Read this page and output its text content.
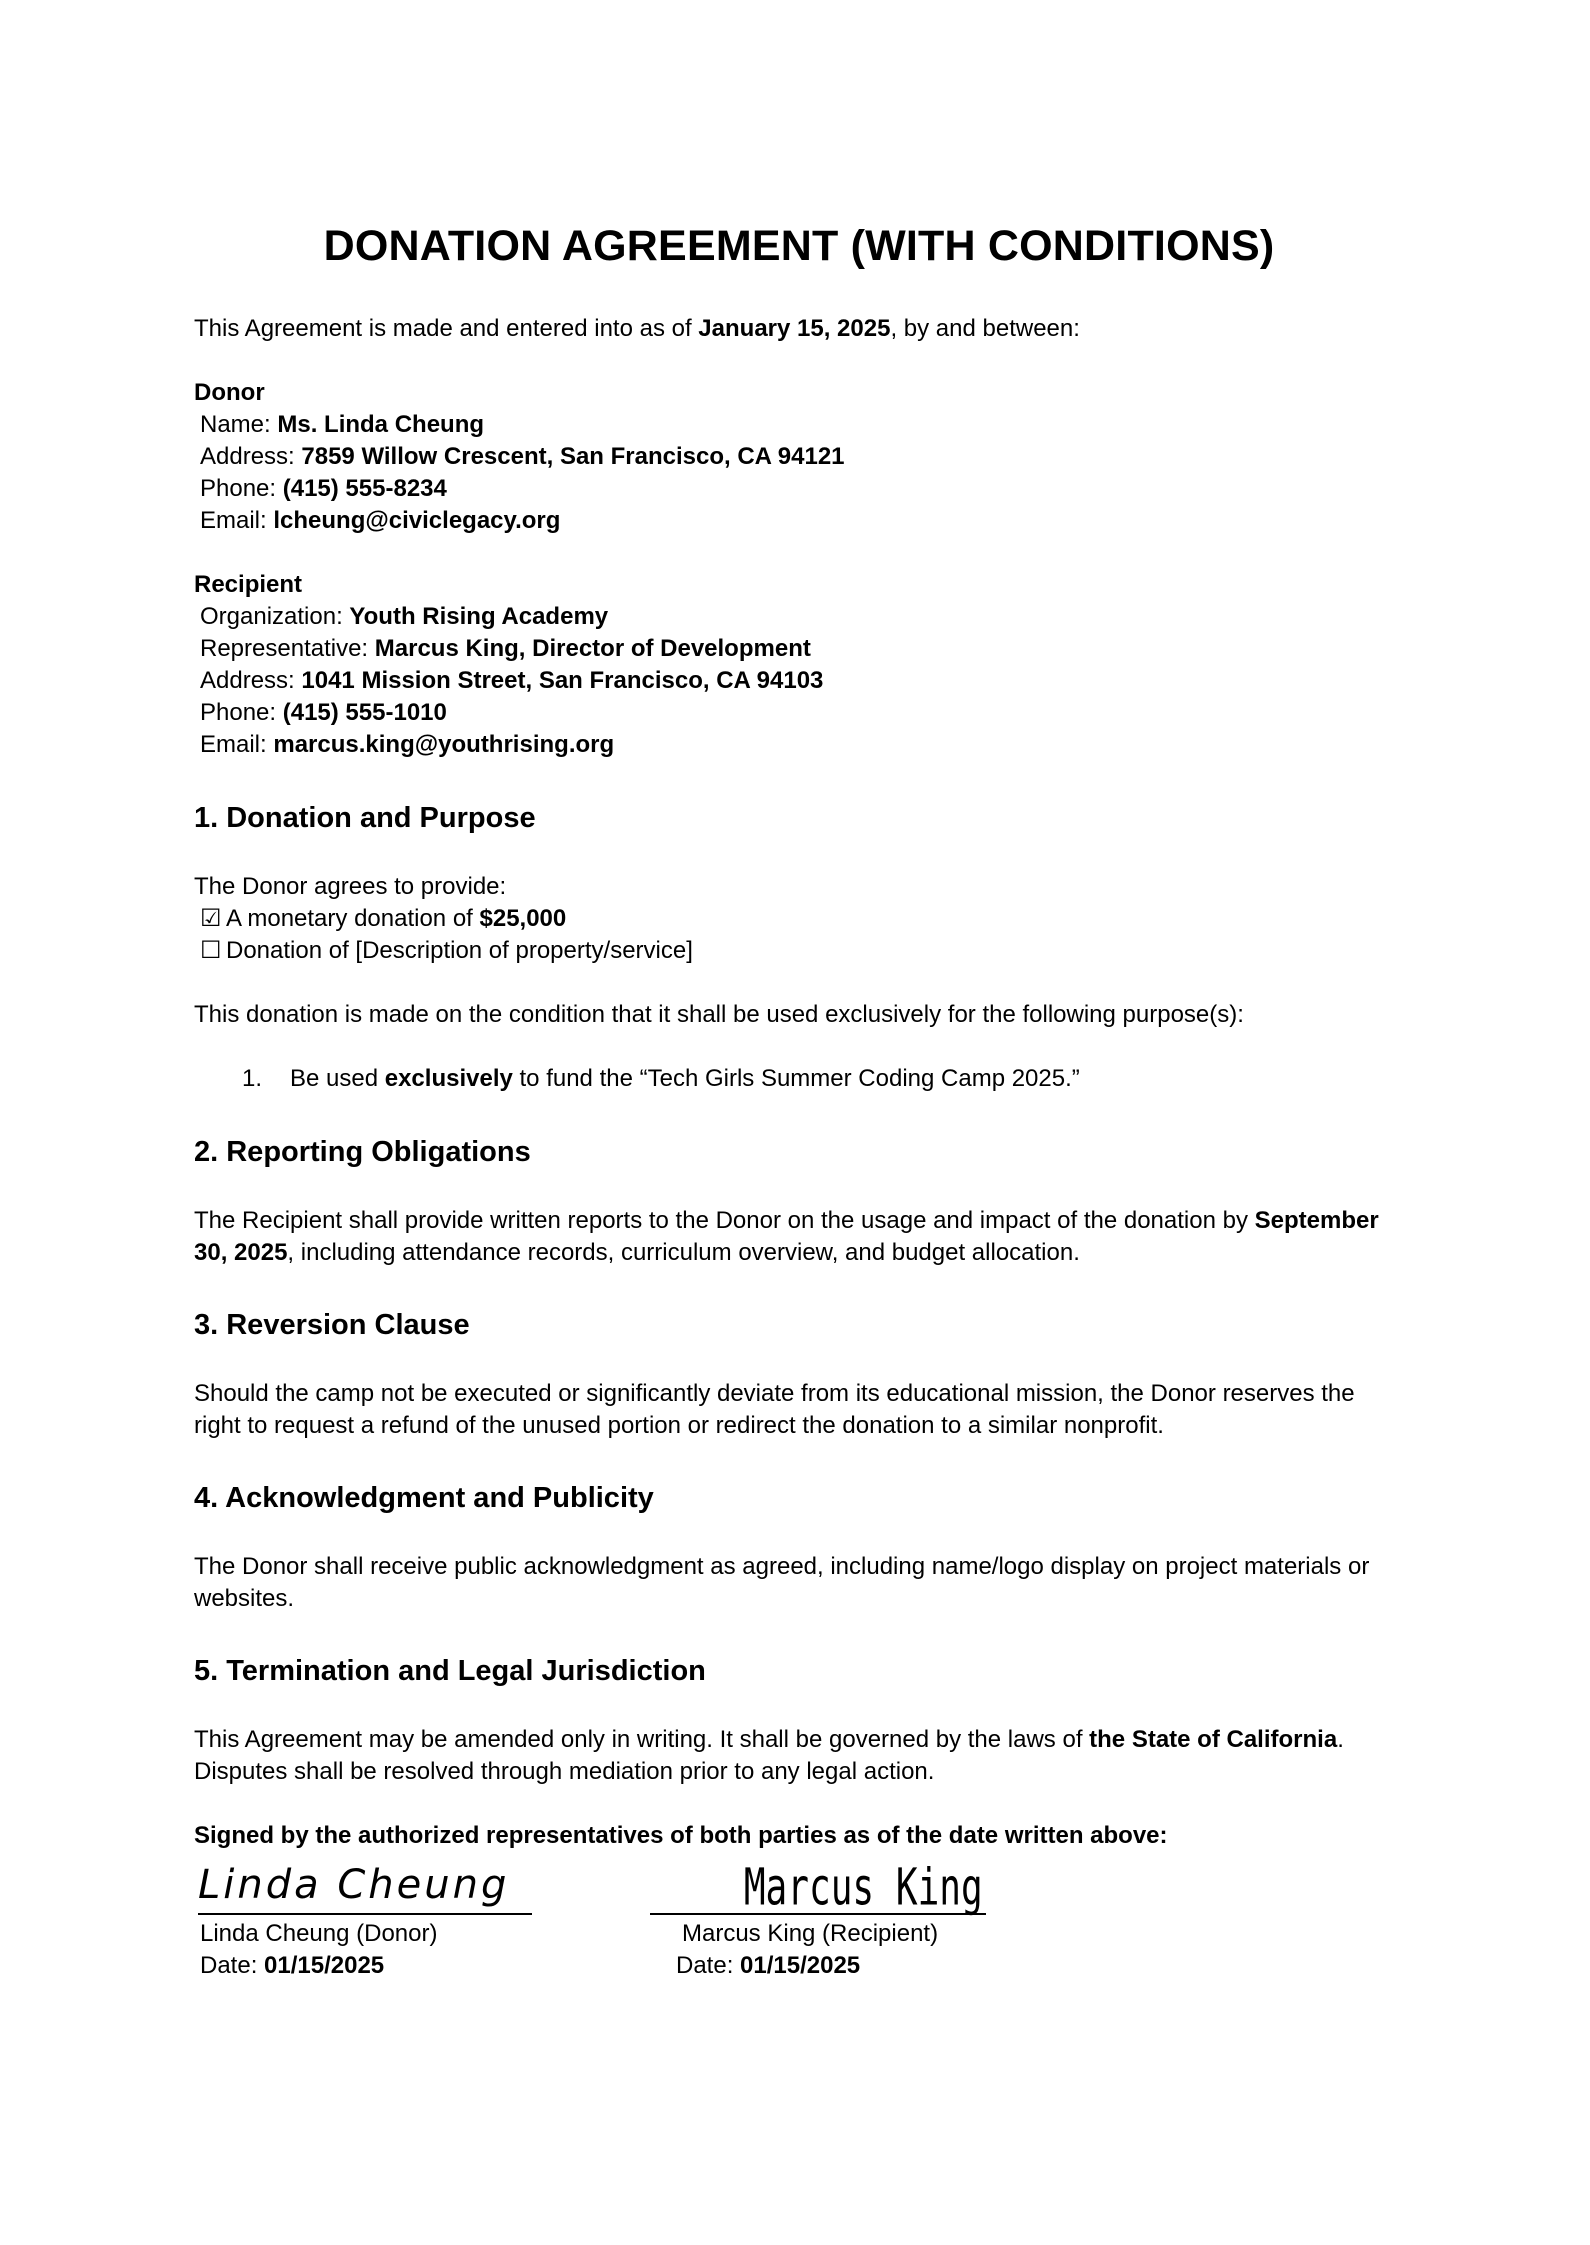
DONATION AGREEMENT (WITH CONDITIONS)

This Agreement is made and entered into as of January 15, 2025, by and between:

Donor

Name: Ms. Linda Cheung

Address: 7859 Willow Crescent, San Francisco, CA 94121

Phone: (415) 555-8234

Email: lcheung@civiclegacy.org

Recipient

Organization: Youth Rising Academy

Representative: Marcus King, Director of Development

Address: 1041 Mission Street, San Francisco, CA 94103

Phone: (415) 555-1010

Email: marcus.king@youthrising.org

1. Donation and Purpose

The Donor agrees to provide:

☑ A monetary donation of $25,000

☐ Donation of [Description of property/service]

This donation is made on the condition that it shall be used exclusively for the following purpose(s):

1. Be used exclusively to fund the “Tech Girls Summer Coding Camp 2025.”

2. Reporting Obligations

The Recipient shall provide written reports to the Donor on the usage and impact of the donation by September 30, 2025, including attendance records, curriculum overview, and budget allocation.

3. Reversion Clause

Should the camp not be executed or significantly deviate from its educational mission, the Donor reserves the right to request a refund of the unused portion or redirect the donation to a similar nonprofit.

4. Acknowledgment and Publicity

The Donor shall receive public acknowledgment as agreed, including name/logo display on project materials or websites.

5. Termination and Legal Jurisdiction

This Agreement may be amended only in writing. It shall be governed by the laws of the State of California. Disputes shall be resolved through mediation prior to any legal action.

Signed by the authorized representatives of both parties as of the date written above:

Linda Cheung

Linda Cheung (Donor)

Date: 01/15/2025

Marcus King

Marcus King (Recipient)

Date: 01/15/2025
